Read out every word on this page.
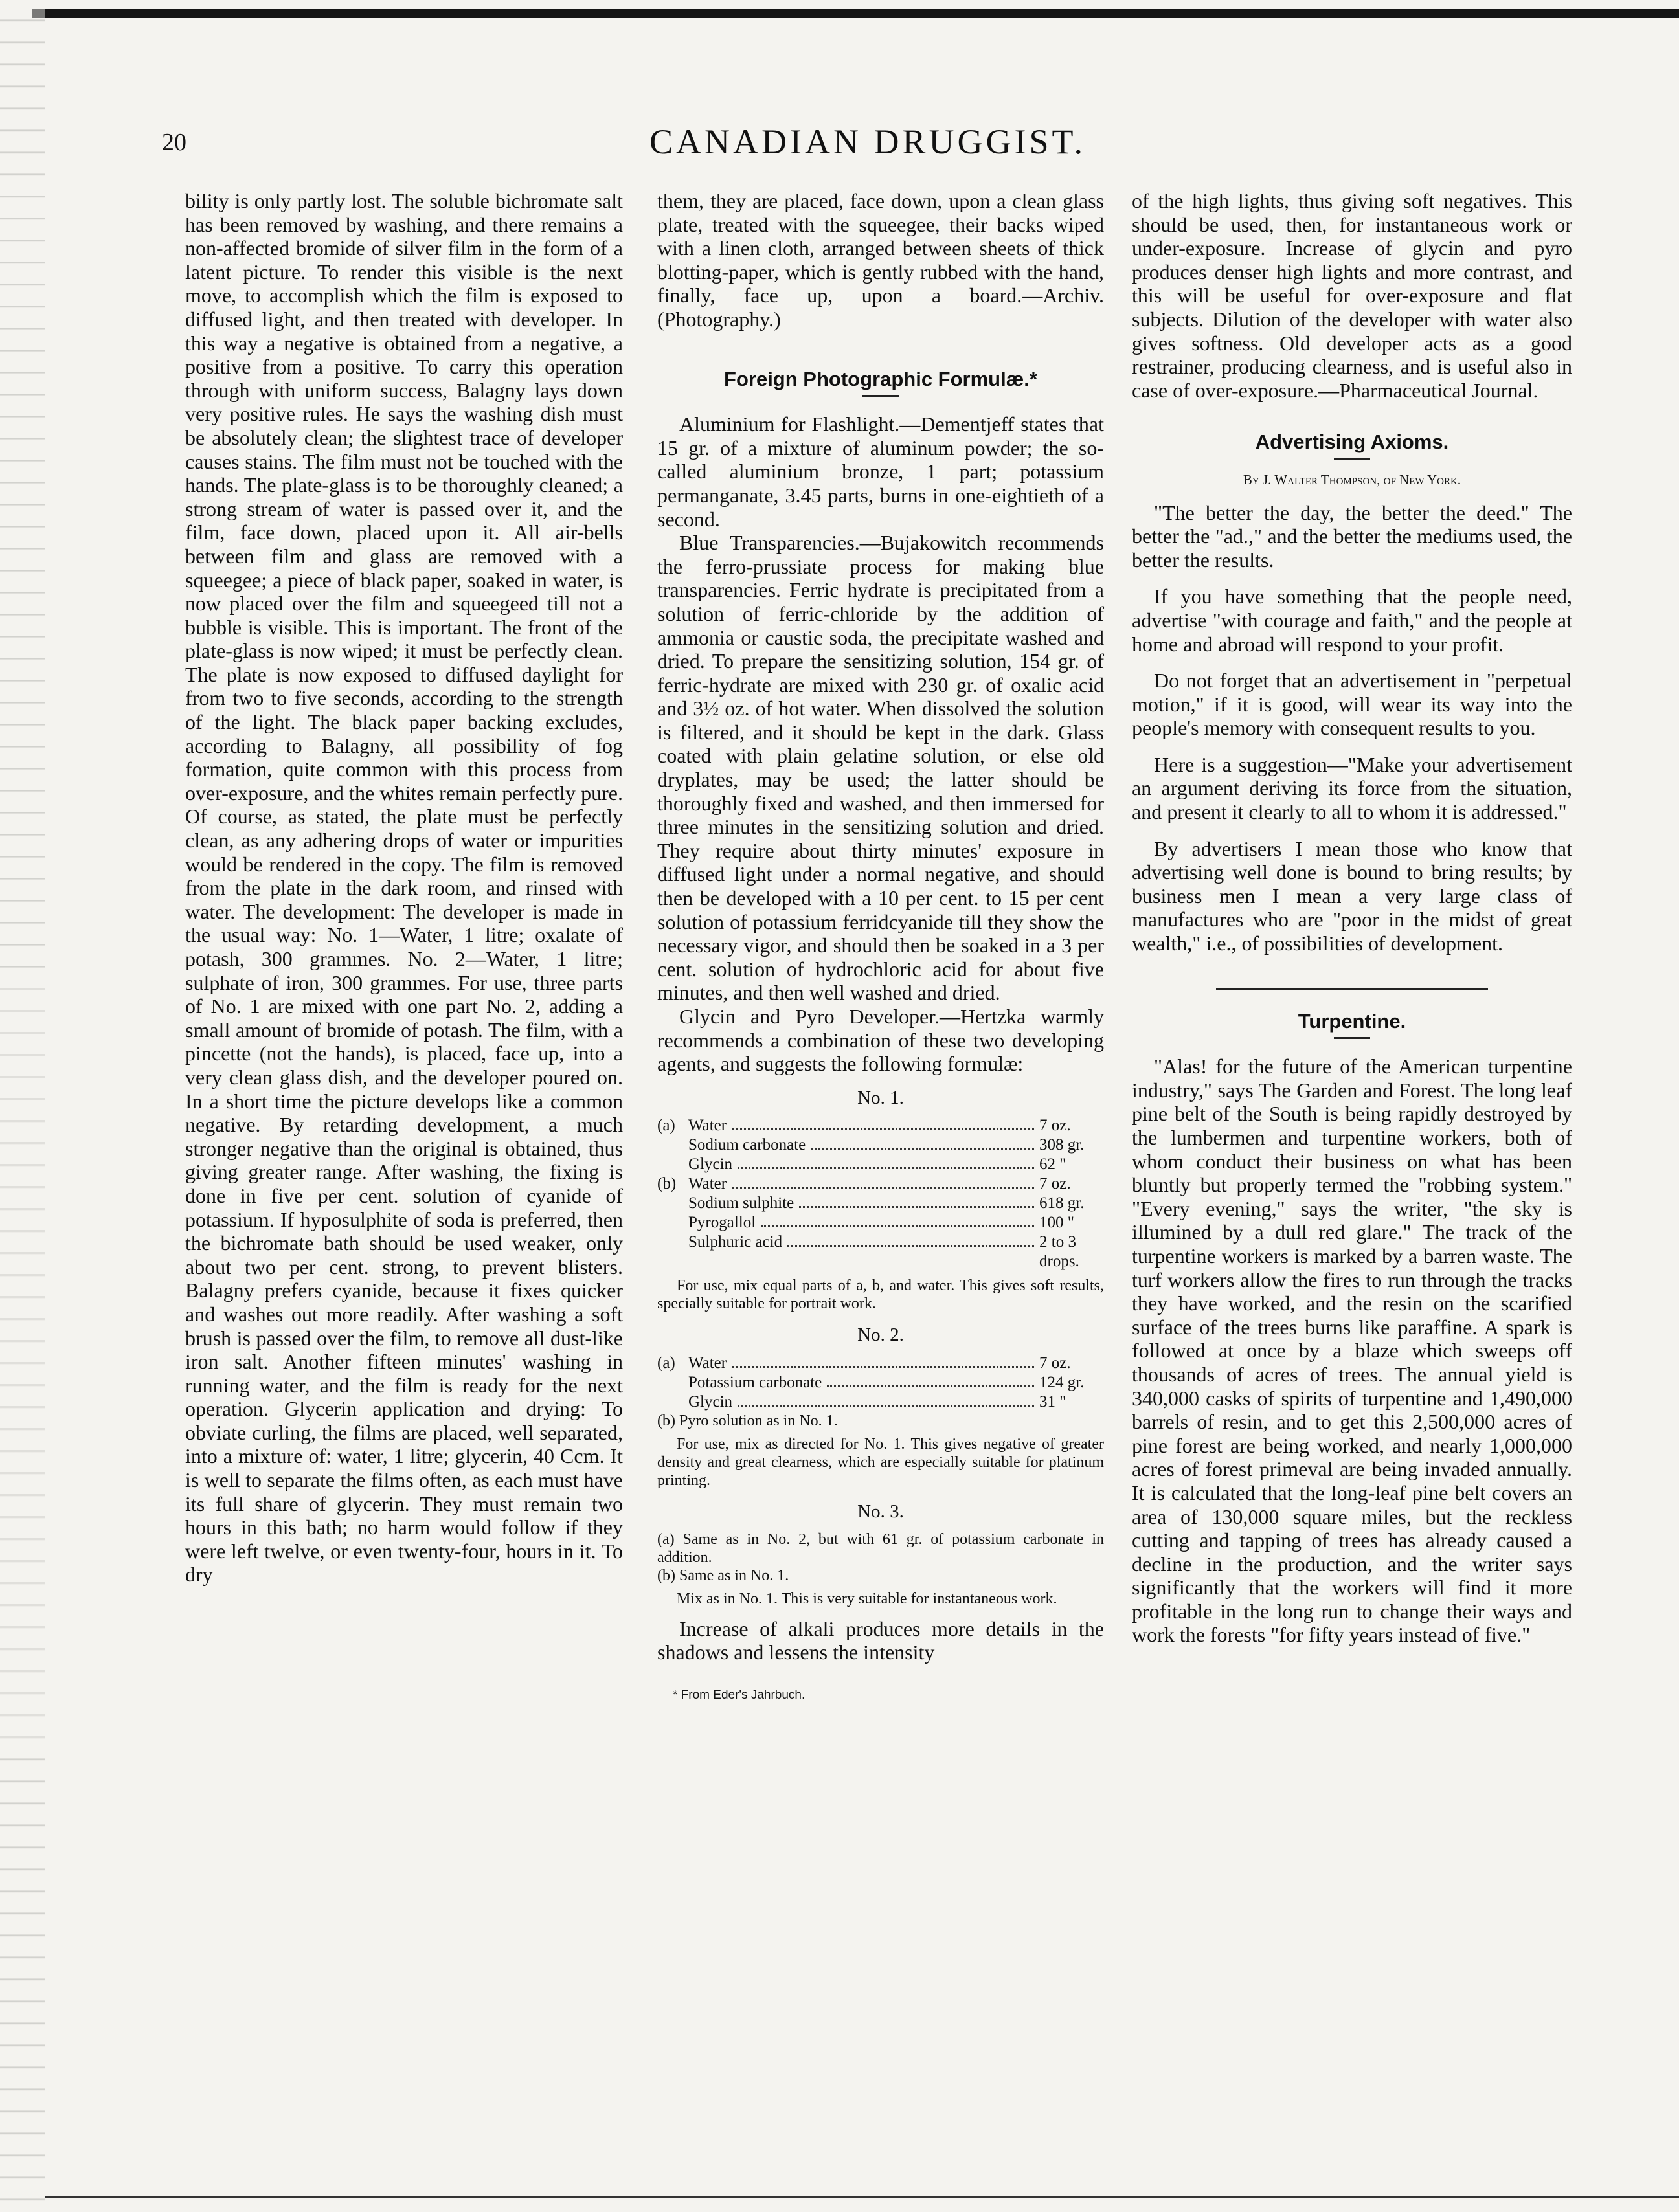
20	CANADIAN DRUGGIST.

bility is only partly lost. The soluble bichromate salt has been removed by washing, and there remains a non-affected bromide of silver film in the form of a latent picture. To render this visible is the next move, to accomplish which the film is exposed to diffused light, and then treated with developer. In this way a negative is obtained from a negative, a positive from a positive. To carry this operation through with uniform success, Balagny lays down very positive rules. He says the washing dish must be absolutely clean; the slightest trace of developer causes stains. The film must not be touched with the hands. The plate-glass is to be thoroughly cleaned; a strong stream of water is passed over it, and the film, face down, placed upon it. All air-bells between film and glass are removed with a squeegee; a piece of black paper, soaked in water, is now placed over the film and squeegeed till not a bubble is visible. This is important. The front of the plate-glass is now wiped; it must be perfectly clean. The plate is now exposed to diffused daylight for from two to five seconds, according to the strength of the light. The black paper backing excludes, according to Balagny, all possibility of fog formation, quite common with this process from over-exposure, and the whites remain perfectly pure. Of course, as stated, the plate must be perfectly clean, as any adhering drops of water or impurities would be rendered in the copy. The film is removed from the plate in the dark room, and rinsed with water. The development: The developer is made in the usual way: No. 1—Water, 1 litre; oxalate of potash, 300 grammes. No. 2—Water, 1 litre; sulphate of iron, 300 grammes. For use, three parts of No. 1 are mixed with one part No. 2, adding a small amount of bromide of potash. The film, with a pincette (not the hands), is placed, face up, into a very clean glass dish, and the developer poured on. In a short time the picture develops like a common negative. By retarding development, a much stronger negative than the original is obtained, thus giving greater range. After washing, the fixing is done in five per cent. solution of cyanide of potassium. If hyposulphite of soda is preferred, then the bichromate bath should be used weaker, only about two per cent. strong, to prevent blisters. Balagny prefers cyanide, because it fixes quicker and washes out more readily. After washing a soft brush is passed over the film, to remove all dust-like iron salt. Another fifteen minutes' washing in running water, and the film is ready for the next operation. Glycerin application and drying: To obviate curling, the films are placed, well separated, into a mixture of: water, 1 litre; glycerin, 40 Ccm. It is well to separate the films often, as each must have its full share of glycerin. They must remain two hours in this bath; no harm would follow if they were left twelve, or even twenty-four, hours in it. To dry

them, they are placed, face down, upon a clean glass plate, treated with the squeegee, their backs wiped with a linen cloth, arranged between sheets of thick blotting-paper, which is gently rubbed with the hand, finally, face up, upon a board.—Archiv. (Photography.)

Foreign Photographic Formulæ.*

Aluminium for Flashlight.—Dementjeff states that 15 gr. of a mixture of aluminum powder; the so-called aluminium bronze, 1 part; potassium permanganate, 3.45 parts, burns in one-eightieth of a second.

Blue Transparencies.—Bujakowitch recommends the ferro-prussiate process for making blue transparencies. Ferric hydrate is precipitated from a solution of ferric-chloride by the addition of ammonia or caustic soda, the precipitate washed and dried. To prepare the sensitizing solution, 154 gr. of ferric-hydrate are mixed with 230 gr. of oxalic acid and 3½ oz. of hot water. When dissolved the solution is filtered, and it should be kept in the dark. Glass coated with plain gelatine solution, or else old dryplates, may be used; the latter should be thoroughly fixed and washed, and then immersed for three minutes in the sensitizing solution and dried. They require about thirty minutes' exposure in diffused light under a normal negative, and should then be developed with a 10 per cent. to 15 per cent solution of potassium ferridcyanide till they show the necessary vigor, and should then be soaked in a 3 per cent. solution of hydrochloric acid for about five minutes, and then well washed and dried.

Glycin and Pyro Developer.—Hertzka warmly recommends a combination of these two developing agents, and suggests the following formulæ:

No. 1.
(a) Water	7 oz.
Sodium carbonate	308 gr.
Glycin	62 "
(b) Water	7 oz.
Sodium sulphite	618 gr.
Pyrogallol	100 "
Sulphuric acid	2 to 3 drops.

For use, mix equal parts of a, b, and water. This gives soft results, specially suitable for portrait work.

No. 2.
(a) Water	7 oz.
Potassium carbonate	124 gr.
Glycin	31 "

(b) Pyro solution as in No. 1.

For use, mix as directed for No. 1. This gives negative of greater density and great clearness, which are especially suitable for platinum printing.

No. 3.

(a) Same as in No. 2, but with 61 gr. of potassium carbonate in addition.

(b) Same as in No. 1.

Mix as in No. 1. This is very suitable for instantaneous work.

Increase of alkali produces more details in the shadows and lessens the intensity

* From Eder's Jahrbuch.

of the high lights, thus giving soft negatives. This should be used, then, for instantaneous work or under-exposure. Increase of glycin and pyro produces denser high lights and more contrast, and this will be useful for over-exposure and flat subjects. Dilution of the developer with water also gives softness. Old developer acts as a good restrainer, producing clearness, and is useful also in case of over-exposure.—Pharmaceutical Journal.

Advertising Axioms.
By J. Walter Thompson, of New York.

"The better the day, the better the deed." The better the "ad.," and the better the mediums used, the better the results.

If you have something that the people need, advertise "with courage and faith," and the people at home and abroad will respond to your profit.

Do not forget that an advertisement in "perpetual motion," if it is good, will wear its way into the people's memory with consequent results to you.

Here is a suggestion—"Make your advertisement an argument deriving its force from the situation, and present it clearly to all to whom it is addressed."

By advertisers I mean those who know that advertising well done is bound to bring results; by business men I mean a very large class of manufactures who are "poor in the midst of great wealth," i.e., of possibilities of development.

Turpentine.

"Alas! for the future of the American turpentine industry," says The Garden and Forest. The long leaf pine belt of the South is being rapidly destroyed by the lumbermen and turpentine workers, both of whom conduct their business on what has been bluntly but properly termed the "robbing system." "Every evening," says the writer, "the sky is illumined by a dull red glare." The track of the turpentine workers is marked by a barren waste. The turf workers allow the fires to run through the tracks they have worked, and the resin on the scarified surface of the trees burns like paraffine. A spark is followed at once by a blaze which sweeps off thousands of acres of trees. The annual yield is 340,000 casks of spirits of turpentine and 1,490,000 barrels of resin, and to get this 2,500,000 acres of pine forest are being worked, and nearly 1,000,000 acres of forest primeval are being invaded annually. It is calculated that the long-leaf pine belt covers an area of 130,000 square miles, but the reckless cutting and tapping of trees has already caused a decline in the production, and the writer says significantly that the workers will find it more profitable in the long run to change their ways and work the forests "for fifty years instead of five."
